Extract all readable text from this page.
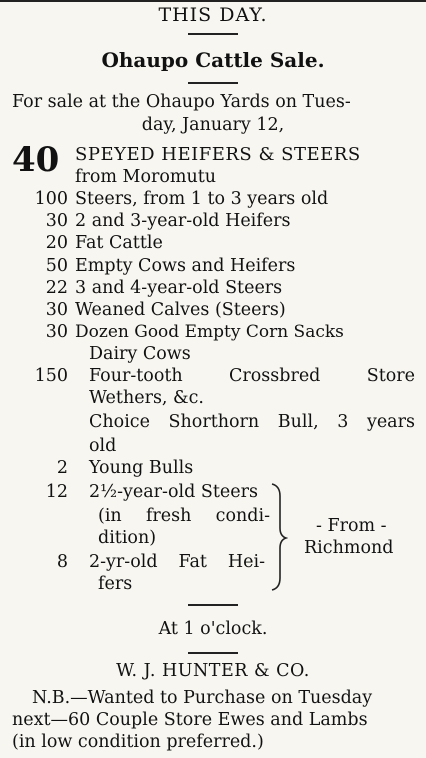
THIS DAY.
Ohaupo Cattle Sale.
For sale at the Ohaupo Yards on Tues-
day, January 12,
40 SPEYED HEIFERS & STEERS
from Moromutu
100 Steers, from 1 to 3 years old
30 2 and 3-year-old Heifers
20 Fat Cattle
50 Empty Cows and Heifers
22 3 and 4-year-old Steers
30 Weaned Calves (Steers)
30 Dozen Good Empty Corn Sacks
Dairy Cows
150 Four-tooth	Crossbred	Store
Wethers, &c.
Choice Shorthorn Bull, 3 years
old
2 Young Bulls
12 2½-year-old Steers
(in fresh condi-
dition)
8 2-yr-old Fat Hei-
fers
- From -
Richmond
At 1 o'clock.
W. J. HUNTER & CO.
N.B.—Wanted to Purchase on Tuesday
next—60 Couple Store Ewes and Lambs
(in low condition preferred.)
